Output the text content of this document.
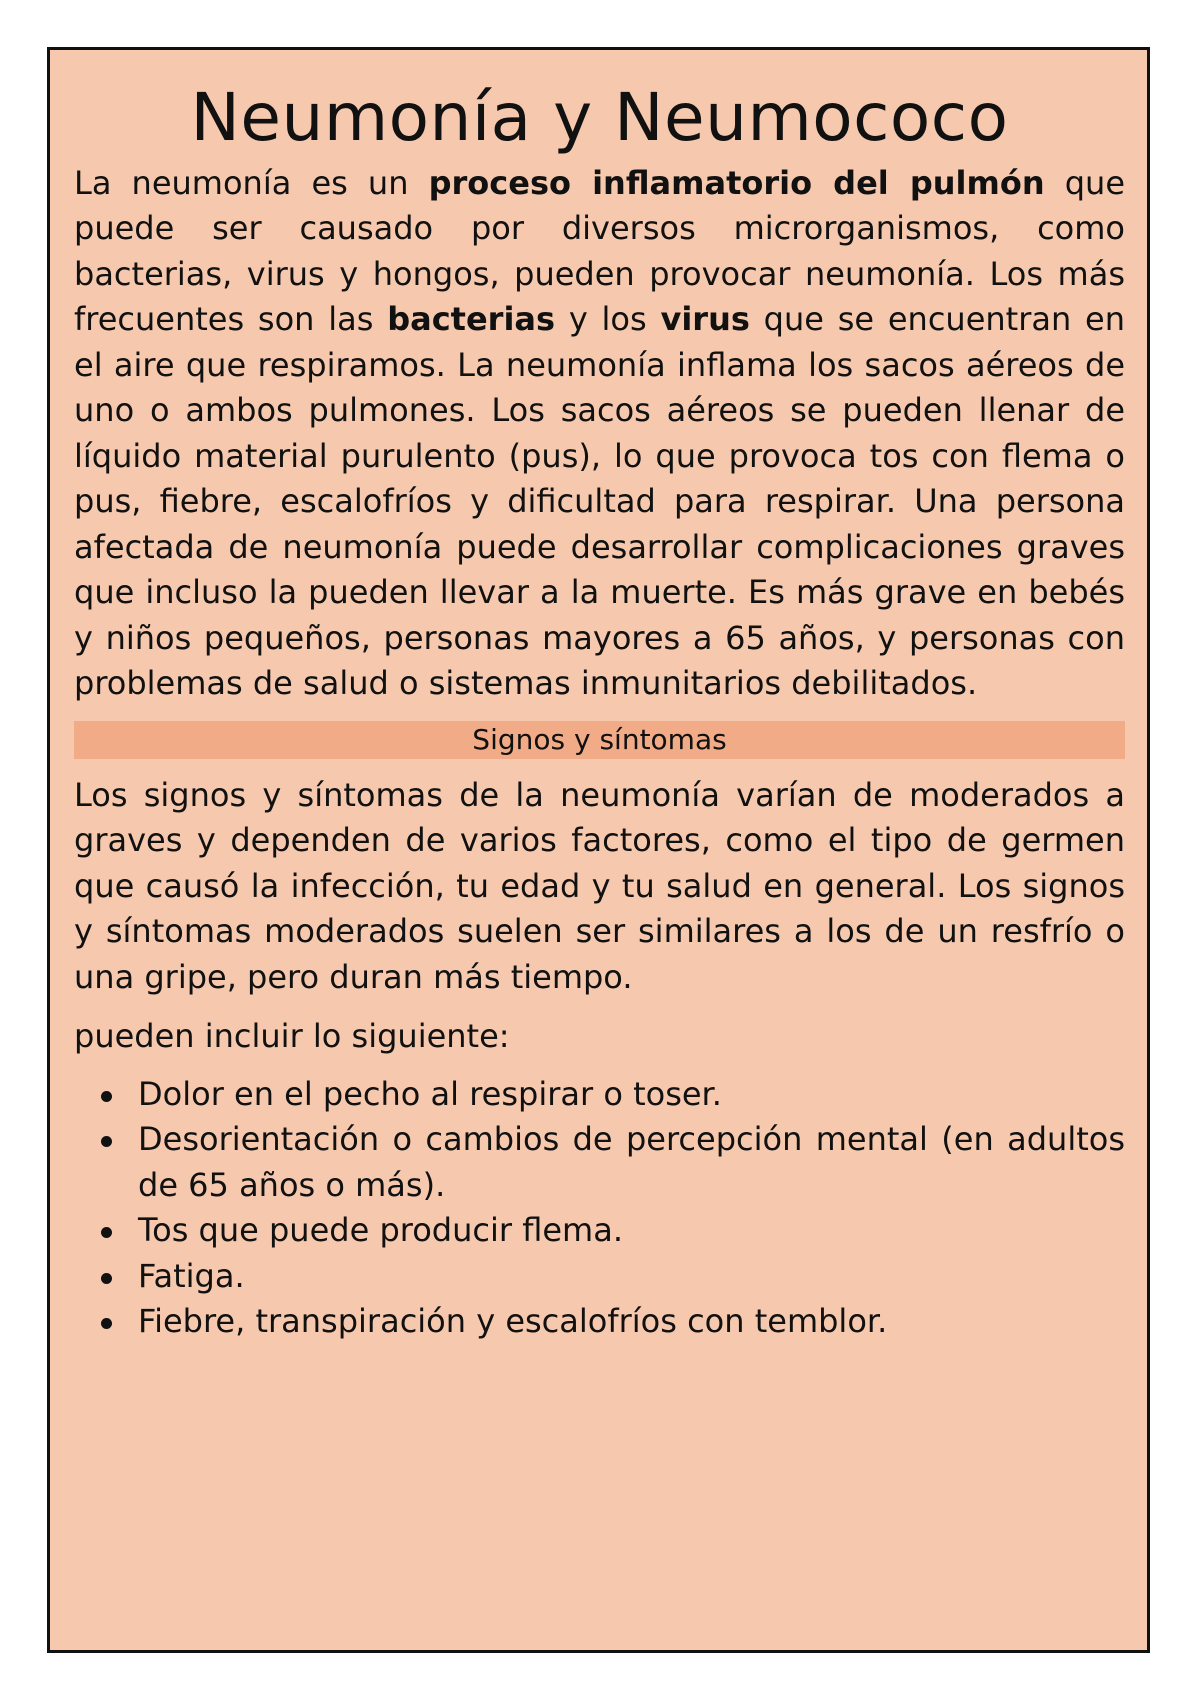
Neumonía y Neumococo

La neumonía es un proceso inflamatorio del pulmón que puede ser causado por diversos microrganismos, como bacterias, virus y hongos, pueden provocar neumonía. Los más frecuentes son las bacterias y los virus que se encuentran en el aire que respiramos. La neumonía inflama los sacos aéreos de uno o ambos pulmones. Los sacos aéreos se pueden llenar de líquido material purulento (pus), lo que provoca tos con flema o pus, fiebre, escalofríos y dificultad para respirar. Una persona afectada de neumonía puede desarrollar complicaciones graves que incluso la pueden llevar a la muerte. Es más grave en bebés y niños pequeños, personas mayores a 65 años, y personas con problemas de salud o sistemas inmunitarios debilitados.

Signos y síntomas

Los signos y síntomas de la neumonía varían de moderados a graves y dependen de varios factores, como el tipo de germen que causó la infección, tu edad y tu salud en general. Los signos y síntomas moderados suelen ser similares a los de un resfrío o una gripe, pero duran más tiempo.

pueden incluir lo siguiente:

Dolor en el pecho al respirar o toser.
Desorientación o cambios de percepción mental (en adultos de 65 años o más).
Tos que puede producir flema.
Fatiga.
Fiebre, transpiración y escalofríos con temblor.
